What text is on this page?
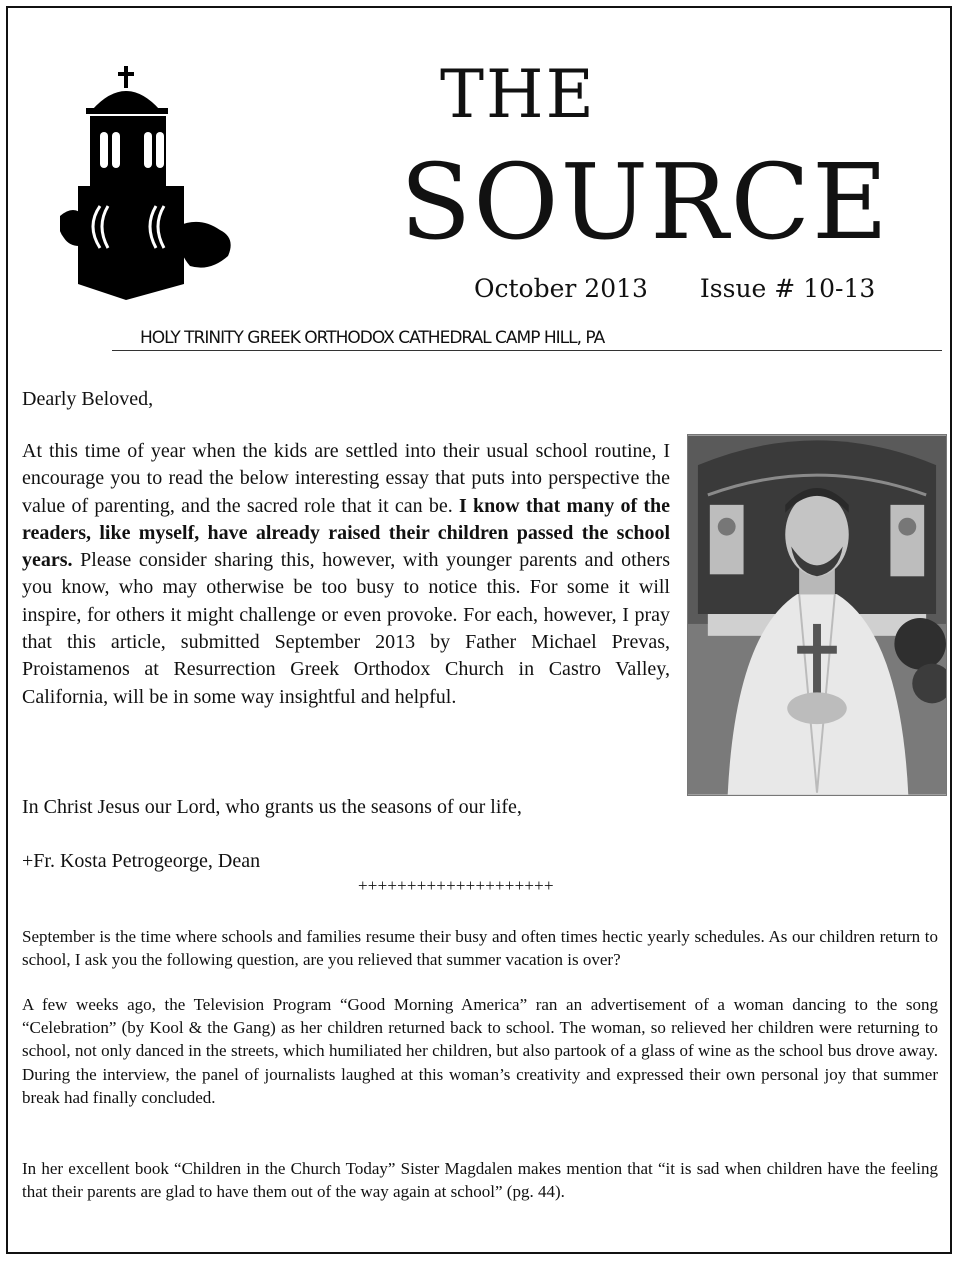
THE
SOURCE
October 2013 Issue # 10-13
HOLY TRINITY GREEK ORTHODOX CATHEDRAL CAMP HILL, PA
Dearly Beloved,

At this time of year when the kids are settled into their usual school routine, I encourage you to read the below interesting essay that puts into perspective the value of parenting, and the sacred role that it can be. I know that many of the readers, like myself, have already raised their children passed the school years. Please consider sharing this, however, with younger parents and others you know, who may otherwise be too busy to notice this. For some it will inspire, for others it might challenge or even provoke. For each, however, I pray that this article, submitted September 2013 by Father Michael Prevas, Proistamenos at Resurrection Greek Orthodox Church in Castro Valley, California, will be in some way insightful and helpful.

In Christ Jesus our Lord, who grants us the seasons of our life,
+Fr. Kosta Petrogeorge, Dean
++++++++++++++++++++

September is the time where schools and families resume their busy and often times hectic yearly schedules. As our children return to school, I ask you the following question, are you relieved that summer vacation is over?

A few weeks ago, the Television Program “Good Morning America” ran an advertisement of a woman dancing to the song “Celebration” (by Kool & the Gang) as her children returned back to school. The woman, so relieved her children were returning to school, not only danced in the streets, which humiliated her children, but also partook of a glass of wine as the school bus drove away. During the interview, the panel of journalists laughed at this woman’s creativity and expressed their own personal joy that summer break had finally concluded.

In her excellent book “Children in the Church Today” Sister Magdalen makes mention that “it is sad when children have the feeling that their parents are glad to have them out of the way again at school” (pg. 44).
